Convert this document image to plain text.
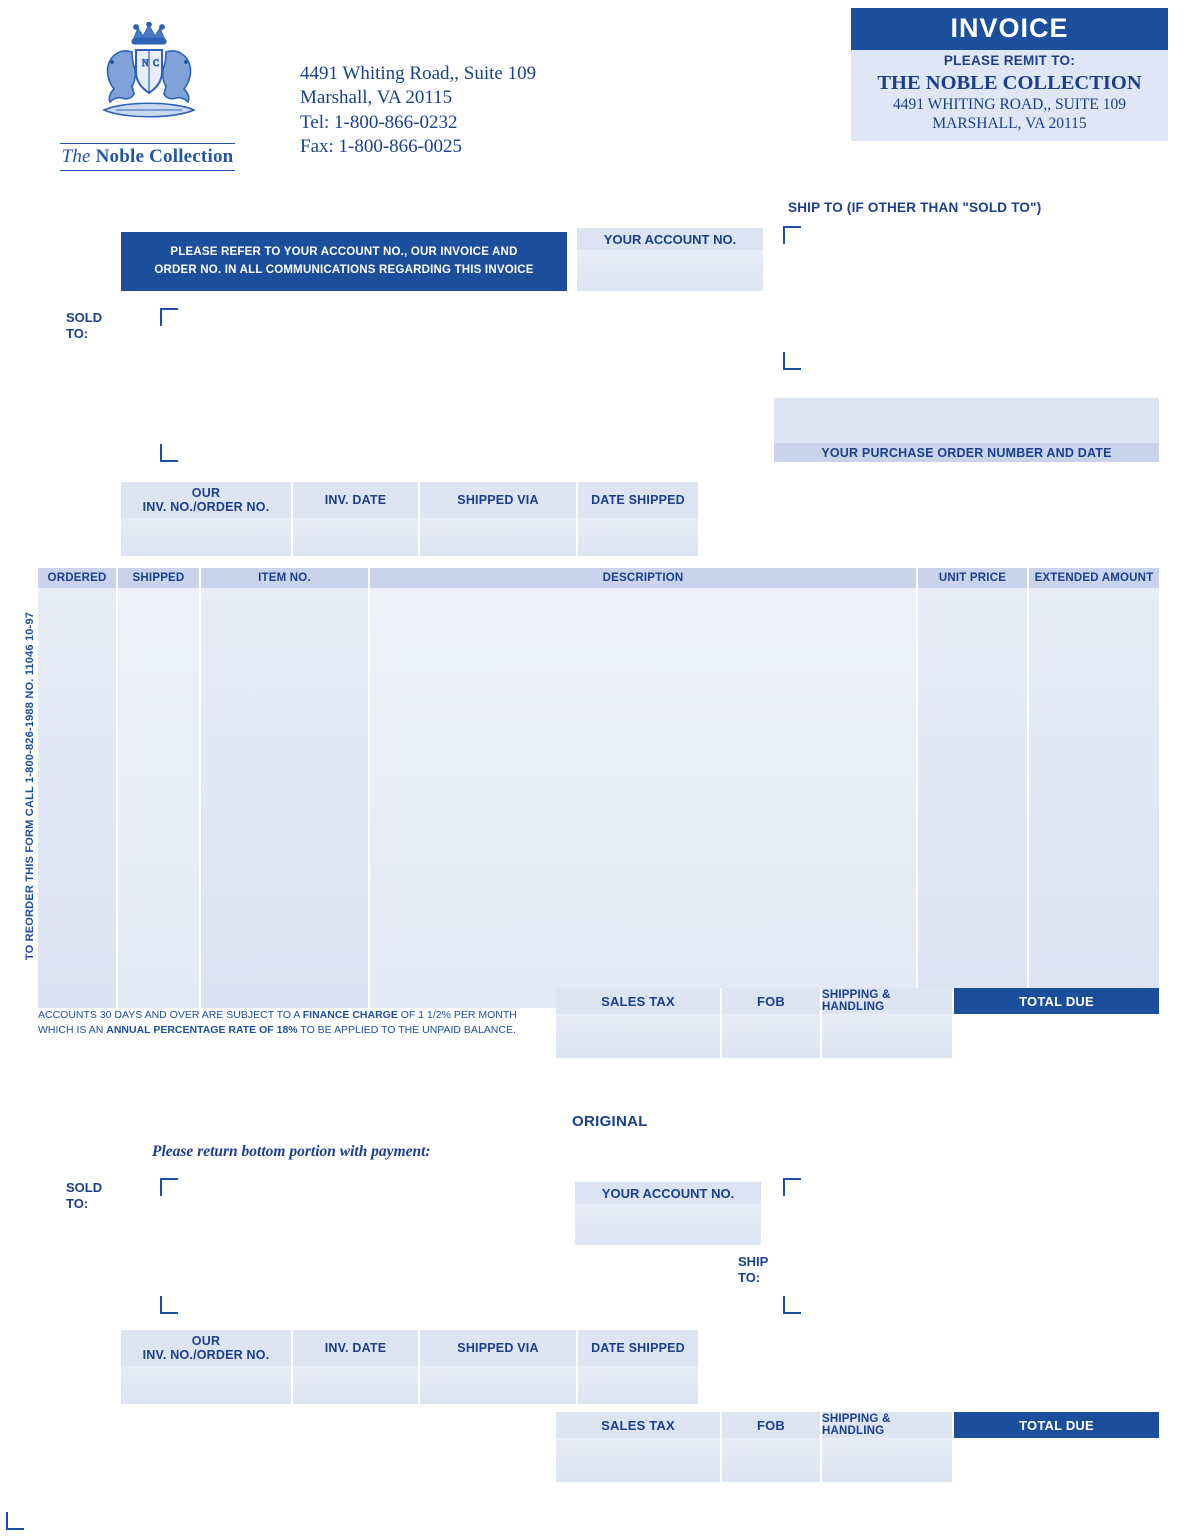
N C
The Noble Collection
4491 Whiting Road,, Suite 109
Marshall, VA 20115
Tel: 1-800-866-0232
Fax: 1-800-866-0025
INVOICE
PLEASE REMIT TO:
THE NOBLE COLLECTION
4491 WHITING ROAD,, SUITE 109
MARSHALL, VA 20115
SHIP TO (IF OTHER THAN "SOLD TO")
PLEASE REFER TO YOUR ACCOUNT NO., OUR INVOICE AND
ORDER NO. IN ALL COMMUNICATIONS REGARDING THIS INVOICE
YOUR ACCOUNT NO.
SOLD
TO:
YOUR PURCHASE ORDER NUMBER AND DATE
OUR
INV. NO./ORDER NO.
INV. DATE	SHIPPED VIA	DATE SHIPPED
ORDERED	SHIPPED	ITEM NO.	DESCRIPTION	UNIT PRICE	EXTENDED AMOUNT
SALES TAX	FOB	SHIPPING & HANDLING	TOTAL DUE
ACCOUNTS 30 DAYS AND OVER ARE SUBJECT TO A FINANCE CHARGE OF 1 1/2% PER MONTH WHICH IS AN ANNUAL PERCENTAGE RATE OF 18% TO BE APPLIED TO THE UNPAID BALANCE.
ORIGINAL
Please return bottom portion with payment:
SOLD
TO:
YOUR ACCOUNT NO.
SHIP
TO:
OUR
INV. NO./ORDER NO.
INV. DATE	SHIPPED VIA	DATE SHIPPED
SALES TAX	FOB	SHIPPING & HANDLING	TOTAL DUE
TO REORDER THIS FORM CALL 1-800-826-1988 NO. 11046 10-97
